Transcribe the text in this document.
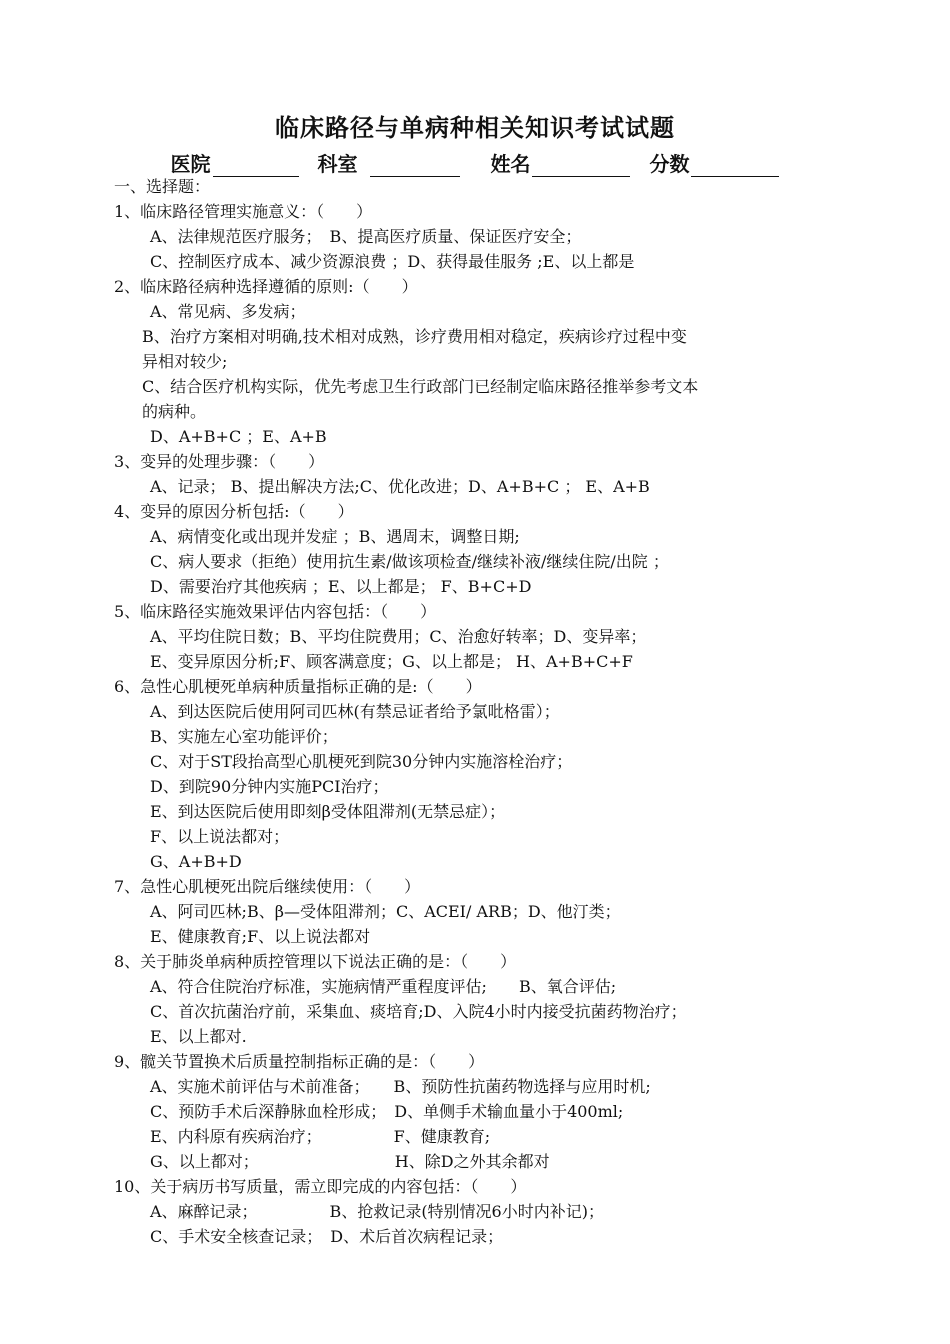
临床路径与单病种相关知识考试试题
医院	科室	姓名	分数
一、选择题：
1、临床路径管理实施意义：（　　）
A、法律规范医疗服务；　B、提高医疗质量、保证医疗安全；
C、控制医疗成本、减少资源浪费 ；D、获得最佳服务 ;E、以上都是
2、临床路径病种选择遵循的原则:（　　）
A、常见病、多发病；
B、治疗方案相对明确,技术相对成熟，诊疗费用相对稳定，疾病诊疗过程中变
异相对较少;
C、结合医疗机构实际，优先考虑卫生行政部门已经制定临床路径推举参考文本
的病种。
D、A+B+C ；E、A+B
3、变异的处理步骤：（　　）
A、记录； B、提出解决方法;C、优化改进；D、A+B+C ； E、A+B
4、变异的原因分析包括:（　　）
A、病情变化或出现并发症 ；B、遇周末，调整日期;
C、病人要求（拒绝）使用抗生素/做该项检查/继续补液/继续住院/出院 ；
D、需要治疗其他疾病 ；E、以上都是； F、B+C+D
5、临床路径实施效果评估内容包括：（　　）
A、平均住院日数；B、平均住院费用；C、治愈好转率；D、变异率；
E、变异原因分析;F、顾客满意度；G、以上都是； H、A+B+C+F
6、急性心肌梗死单病种质量指标正确的是:（　　）
A、到达医院后使用阿司匹林(有禁忌证者给予氯吡格雷）；
B、实施左心室功能评价；
C、对于ST段抬高型心肌梗死到院30分钟内实施溶栓治疗；
D、到院90分钟内实施PCI治疗；
E、到达医院后使用即刻β受体阻滞剂(无禁忌症）；
F、以上说法都对；
G、A+B+D
7、急性心肌梗死出院后继续使用：（　　）
A、阿司匹林;B、β—受体阻滞剂；C、ACEI/ ARB；D、他汀类；
E、健康教育;F、以上说法都对
8、关于肺炎单病种质控管理以下说法正确的是：（　　）
A、符合住院治疗标准，实施病情严重程度评估;　　B、氧合评估;
C、首次抗菌治疗前，采集血、痰培育;D、入院4小时内接受抗菌药物治疗；
E、以上都对.
9、髋关节置换术后质量控制指标正确的是：（　　）
A、实施术前评估与术前准备；　　B、预防性抗菌药物选择与应用时机;
C、预防手术后深静脉血栓形成；　D、单侧手术输血量小于400ml;
E、内科原有疾病治疗；　　　　　F、健康教育;
G、以上都对；　　　　　　　　　H、除D之外其余都对
10、关于病历书写质量，需立即完成的内容包括：（　　）
A、麻醉记录；　　　　　B、抢救记录(特别情况6小时内补记)；
C、手术安全核查记录；　D、术后首次病程记录；
